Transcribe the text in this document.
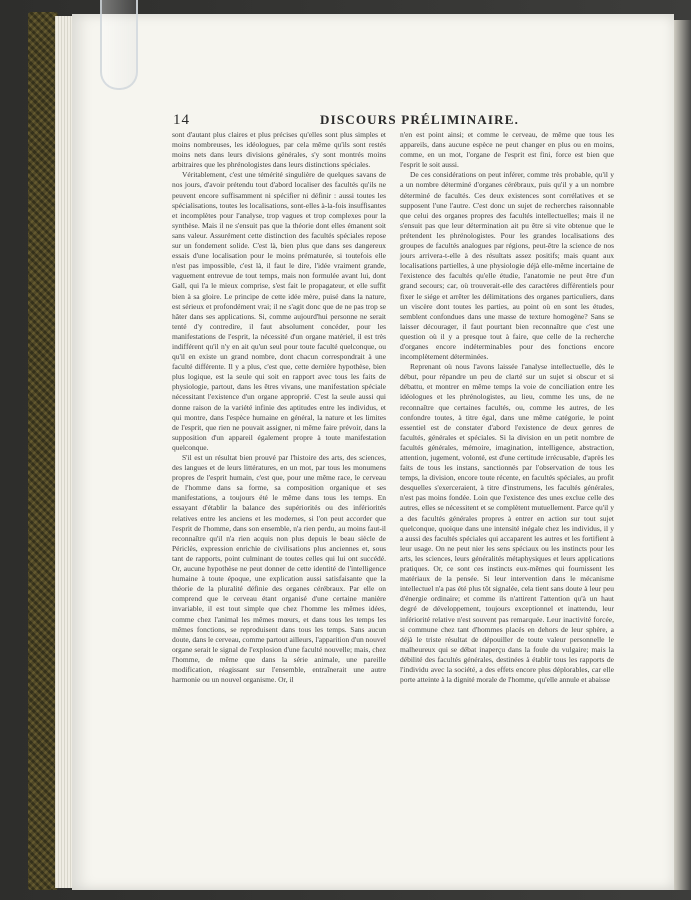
14	DISCOURS PRÉLIMINAIRE.

sont d'autant plus claires et plus précises qu'elles sont plus simples et moins nombreuses, les idéologues, par cela même qu'ils sont restés moins nets dans leurs divisions générales, s'y sont montrés moins arbitraires que les phrénologistes dans leurs distinctions spéciales.

Véritablement, c'est une témérité singulière de quelques savans de nos jours, d'avoir prétendu tout d'abord localiser des facultés qu'ils ne peuvent encore suffisamment ni spécifier ni définir : aussi toutes les spécialisations, toutes les localisations, sont-elles à-la-fois insuffisantes et incomplètes pour l'analyse, trop vagues et trop complexes pour la synthèse. Mais il ne s'ensuit pas que la théorie dont elles émanent soit sans valeur. Assurément cette distinction des facultés spéciales repose sur un fondement solide. C'est là, bien plus que dans ses dangereux essais d'une localisation pour le moins prématurée, si toutefois elle n'est pas impossible, c'est là, il faut le dire, l'idée vraiment grande, vaguement entrevue de tout temps, mais non formulée avant lui, dont Gall, qui l'a le mieux comprise, s'est fait le propagateur, et elle suffit bien à sa gloire. Le principe de cette idée mère, puisé dans la nature, est sérieux et profondément vrai; il ne s'agit donc que de ne pas trop se hâter dans ses applications. Si, comme aujourd'hui personne ne serait tenté d'y contredire, il faut absolument concéder, pour les manifestations de l'esprit, la nécessité d'un organe matériel, il est très indifférent qu'il n'y en ait qu'un seul pour toute faculté quelconque, ou qu'il en existe un grand nombre, dont chacun correspondrait à une faculté différente. Il y a plus, c'est que, cette dernière hypothèse, bien plus logique, est la seule qui soit en rapport avec tous les faits de physiologie, partout, dans les êtres vivans, une manifestation spéciale nécessitant l'existence d'un organe approprié. C'est la seule aussi qui donne raison de la variété infinie des aptitudes entre les individus, et qui montre, dans l'espèce humaine en général, la nature et les limites de l'esprit, que rien ne pouvait assigner, ni même faire prévoir, dans la supposition d'un appareil également propre à toute manifestation quelconque.

S'il est un résultat bien prouvé par l'histoire des arts, des sciences, des langues et de leurs littératures, en un mot, par tous les monumens propres de l'esprit humain, c'est que, pour une même race, le cerveau de l'homme dans sa forme, sa composition organique et ses manifestations, a toujours été le même dans tous les temps. En essayant d'établir la balance des supériorités ou des infériorités relatives entre les anciens et les modernes, si l'on peut accorder que l'esprit de l'homme, dans son ensemble, n'a rien perdu, au moins faut-il reconnaître qu'il n'a rien acquis non plus depuis le beau siècle de Périclès, expression enrichie de civilisations plus anciennes et, sous tant de rapports, point culminant de toutes celles qui lui ont succédé. Or, aucune hypothèse ne peut donner de cette identité de l'intelligence humaine à toute époque, une explication aussi satisfaisante que la théorie de la pluralité définie des organes cérébraux. Par elle on comprend que le cerveau étant organisé d'une certaine manière invariable, il est tout simple que chez l'homme les mêmes idées, comme chez l'animal les mêmes mœurs, et dans tous les temps les mêmes fonctions, se reproduisent dans tous les temps. Sans aucun doute, dans le cerveau, comme partout ailleurs, l'apparition d'un nouvel organe serait le signal de l'explosion d'une faculté nouvelle; mais, chez l'homme, de même que dans la série animale, une pareille modification, réagissant sur l'ensemble, entraînerait une autre harmonie ou un nouvel organisme. Or, il

n'en est point ainsi; et comme le cerveau, de même que tous les appareils, dans aucune espèce ne peut changer en plus ou en moins, comme, en un mot, l'organe de l'esprit est fini, force est bien que l'esprit le soit aussi.

De ces considérations on peut inférer, comme très probable, qu'il y a un nombre déterminé d'organes cérébraux, puis qu'il y a un nombre déterminé de facultés. Ces deux existences sont corrélatives et se supposent l'une l'autre. C'est donc un sujet de recherches raisonnable que celui des organes propres des facultés intellectuelles; mais il ne s'ensuit pas que leur détermination ait pu être si vite obtenue que le prétendent les phrénologistes. Pour les grandes localisations des groupes de facultés analogues par régions, peut-être la science de nos jours arrivera-t-elle à des résultats assez positifs; mais quant aux localisations partielles, à une physiologie déjà elle-même incertaine de l'existence des facultés qu'elle étudie, l'anatomie ne peut être d'un grand secours; car, où trouverait-elle des caractères différentiels pour fixer le siége et arrêter les délimitations des organes particuliers, dans un viscère dont toutes les parties, au point où en sont les études, semblent confondues dans une masse de texture homogène? Sans se laisser décourager, il faut pourtant bien reconnaître que c'est une question où il y a presque tout à faire, que celle de la recherche d'organes encore indéterminables pour des fonctions encore incomplètement déterminées.

Reprenant où nous l'avons laissée l'analyse intellectuelle, dès le début, pour répandre un peu de clarté sur un sujet si obscur et si débattu, et montrer en même temps la voie de conciliation entre les idéologues et les phrénologistes, au lieu, comme les uns, de ne reconnaître que certaines facultés, ou, comme les autres, de les confondre toutes, à titre égal, dans une même catégorie, le point essentiel est de constater d'abord l'existence de deux genres de facultés, générales et spéciales. Si la division en un petit nombre de facultés générales, mémoire, imagination, intelligence, abstraction, attention, jugement, volonté, est d'une certitude irrécusable, d'après les faits de tous les instans, sanctionnés par l'observation de tous les temps, la division, encore toute récente, en facultés spéciales, au profit desquelles s'exerceraient, à titre d'instrumens, les facultés générales, n'est pas moins fondée. Loin que l'existence des unes exclue celle des autres, elles se nécessitent et se complètent mutuellement. Parce qu'il y a des facultés générales propres à entrer en action sur tout sujet quelconque, quoique dans une intensité inégale chez les individus, il y a aussi des facultés spéciales qui accaparent les autres et les fortifient à leur usage. On ne peut nier les sens spéciaux ou les instincts pour les arts, les sciences, leurs généralités métaphysiques et leurs applications pratiques. Or, ce sont ces instincts eux-mêmes qui fournissent les matériaux de la pensée. Si leur intervention dans le mécanisme intellectuel n'a pas été plus tôt signalée, cela tient sans doute à leur peu d'énergie ordinaire; et comme ils n'attirent l'attention qu'à un haut degré de développement, toujours exceptionnel et inattendu, leur infériorité relative n'est souvent pas remarquée. Leur inactivité forcée, si commune chez tant d'hommes placés en dehors de leur sphère, a déjà le triste résultat de dépouiller de toute valeur personnelle le malheureux qui se débat inaperçu dans la foule du vulgaire; mais la débilité des facultés générales, destinées à établir tous les rapports de l'individu avec la société, a des effets encore plus déplorables, car elle porte atteinte à la dignité morale de l'homme, qu'elle annule et abaisse
